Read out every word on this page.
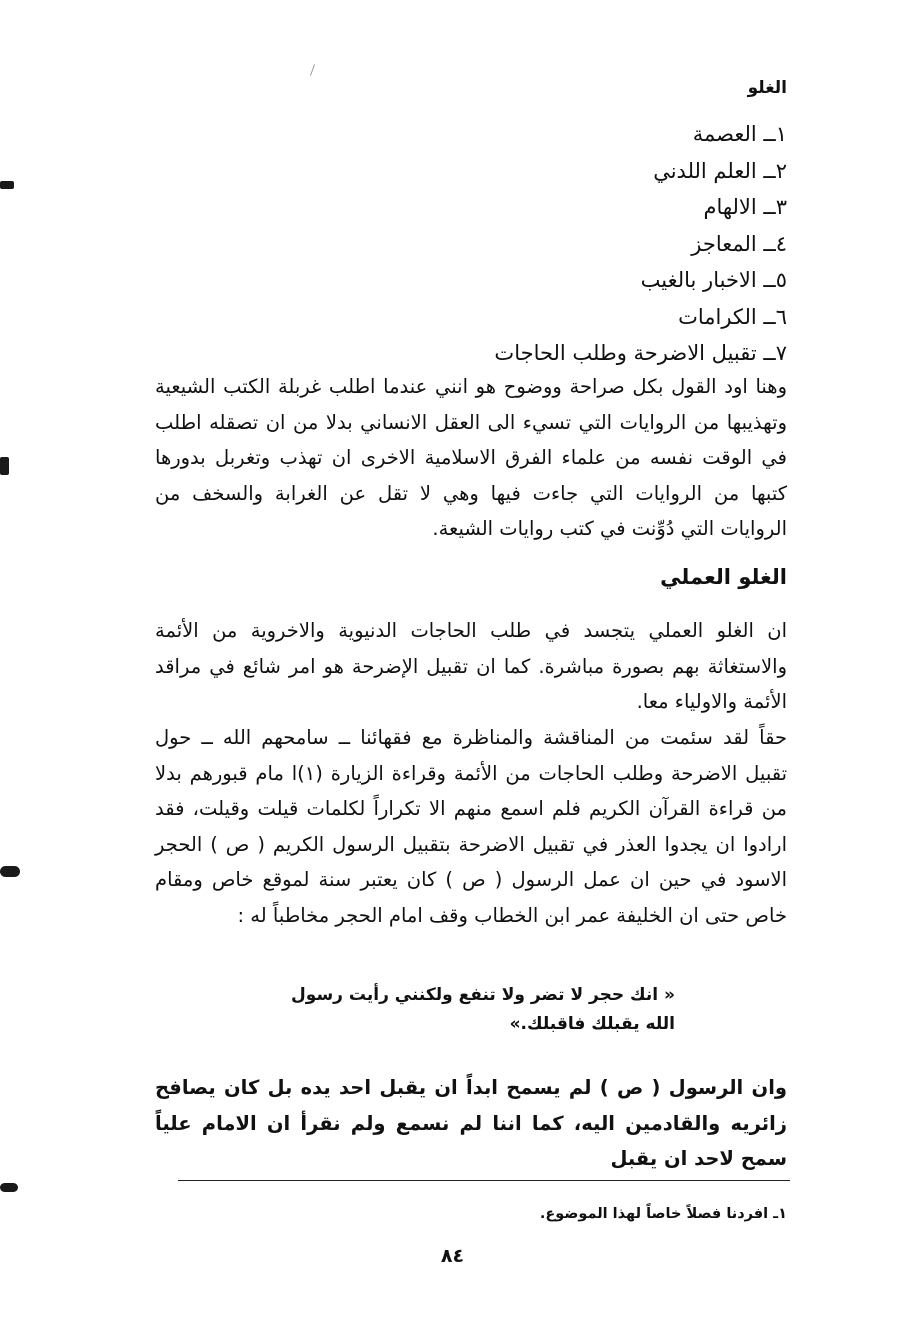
الغلو
١ــ العصمة
٢ــ العلم اللدني
٣ــ الالهام
٤ــ المعاجز
٥ــ الاخبار بالغيب
٦ــ الكرامات
٧ــ تقبيل الاضرحة وطلب الحاجات

وهنا اود القول بكل صراحة ووضوح هو انني عندما اطلب غربلة الكتب الشيعية وتهذيبها من الروايات التي تسيء الى العقل الانساني بدلا من ان تصقله اطلب في الوقت نفسه من علماء الفرق الاسلامية الاخرى ان تهذب وتغربل بدورها كتبها من الروايات التي جاءت فيها وهي لا تقل عن الغرابة والسخف من الروايات التي دُوِّنت في كتب روايات الشيعة.

الغلو العملي

ان الغلو العملي يتجسد في طلب الحاجات الدنيوية والاخروية من الأئمة والاستغاثة بهم بصورة مباشرة. كما ان تقبيل الإضرحة هو امر شائع في مراقد الأئمة والاولياء معا.

حقاً لقد سئمت من المناقشة والمناظرة مع فقهائنا ــ سامحهم الله ــ حول تقبيل الاضرحة وطلب الحاجات من الأئمة وقراءة الزيارة (١)ا مام قبورهم بدلا من قراءة القرآن الكريم فلم اسمع منهم الا تكراراً لكلمات قيلت وقيلت، فقد ارادوا ان يجدوا العذر في تقبيل الاضرحة بتقبيل الرسول الكريم ( ص ) الحجر الاسود في حين ان عمل الرسول ( ص ) كان يعتبر سنة لموقع خاص ومقام خاص حتى ان الخليفة عمر ابن الخطاب وقف امام الحجر مخاطباً له :

« انك حجر لا تضر ولا تنفع ولكنني رأيت رسول
الله يقبلك فاقبلك.»

وان الرسول ( ص ) لم يسمح ابداً ان يقبل احد يده بل كان يصافح زائريه والقادمين اليه، كما اننا لم نسمع ولم نقرأ ان الامام علياً سمح لاحد ان يقبل

١ـ افردنا فصلاً خاصاً لهذا الموضوع.
٨٤
